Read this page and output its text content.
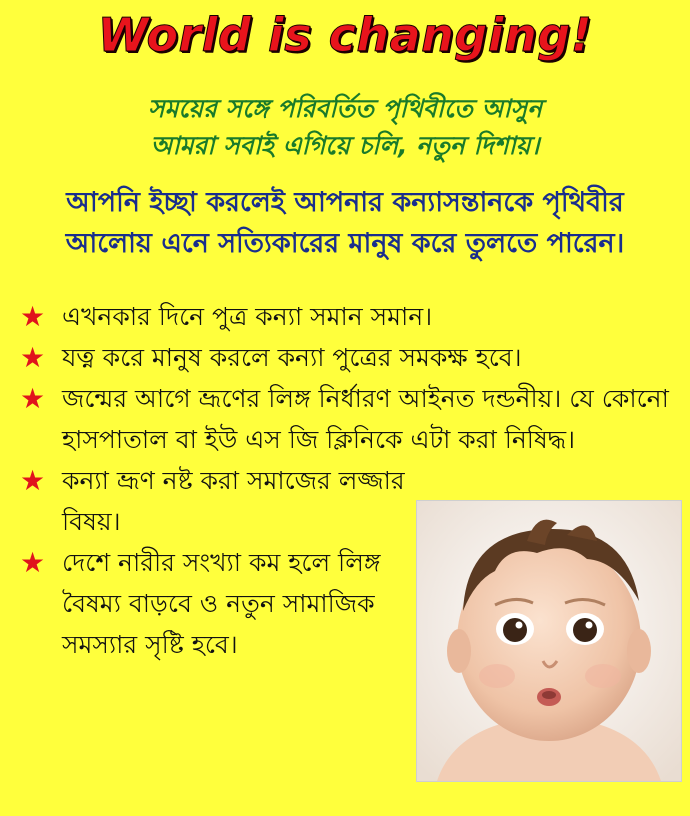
World is changing!
সময়ের সঙ্গে পরিবর্তিত পৃথিবীতে আসুন
আমরা সবাই এগিয়ে চলি, নতুন দিশায়।
আপনি ইচ্ছা করলেই আপনার কন্যাসন্তানকে পৃথিবীর
আলোয় এনে সত্যিকারের মানুষ করে তুলতে পারেন।
★ এখনকার দিনে পুত্র কন্যা সমান সমান।
★ যত্ন করে মানুষ করলে কন্যা পুত্রের সমকক্ষ হবে।
★ জন্মের আগে ভ্রূণের লিঙ্গ নির্ধারণ আইনত দন্ডনীয়। যে কোনো হাসপাতাল বা ইউ এস জি ক্লিনিকে এটা করা নিষিদ্ধ।
★ কন্যা ভ্রূণ নষ্ট করা সমাজের লজ্জার বিষয়।
★ দেশে নারীর সংখ্যা কম হলে লিঙ্গ বৈষম্য বাড়বে ও নতুন সামাজিক সমস্যার সৃষ্টি হবে।
